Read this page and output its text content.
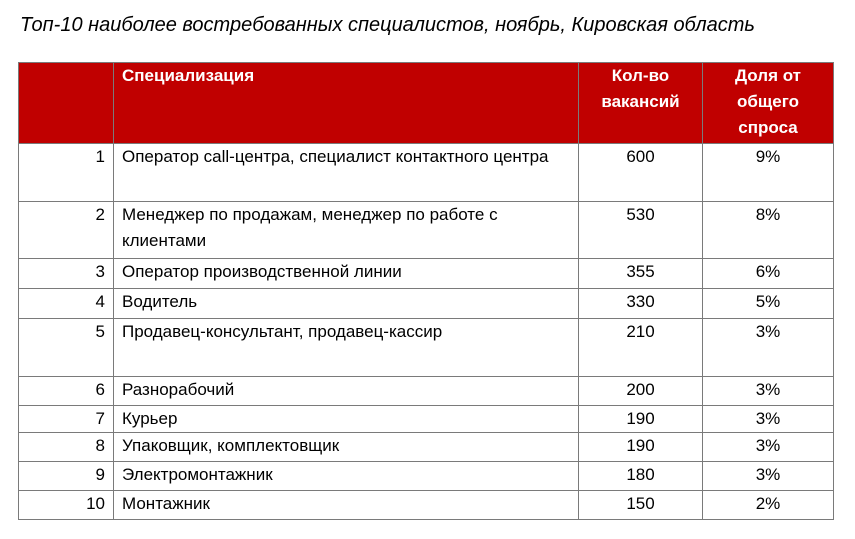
Топ-10 наиболее востребованных специалистов, ноябрь, Кировская область
	Специализация	Кол-во вакансий	Доля от общего спроса
1	Оператор call-центра, специалист контактного центра	600	9%
2	Менеджер по продажам, менеджер по работе с клиентами	530	8%
3	Оператор производственной линии	355	6%
4	Водитель	330	5%
5	Продавец-консультант, продавец-кассир	210	3%
6	Разнорабочий	200	3%
7	Курьер	190	3%
8	Упаковщик, комплектовщик	190	3%
9	Электромонтажник	180	3%
10	Монтажник	150	2%
